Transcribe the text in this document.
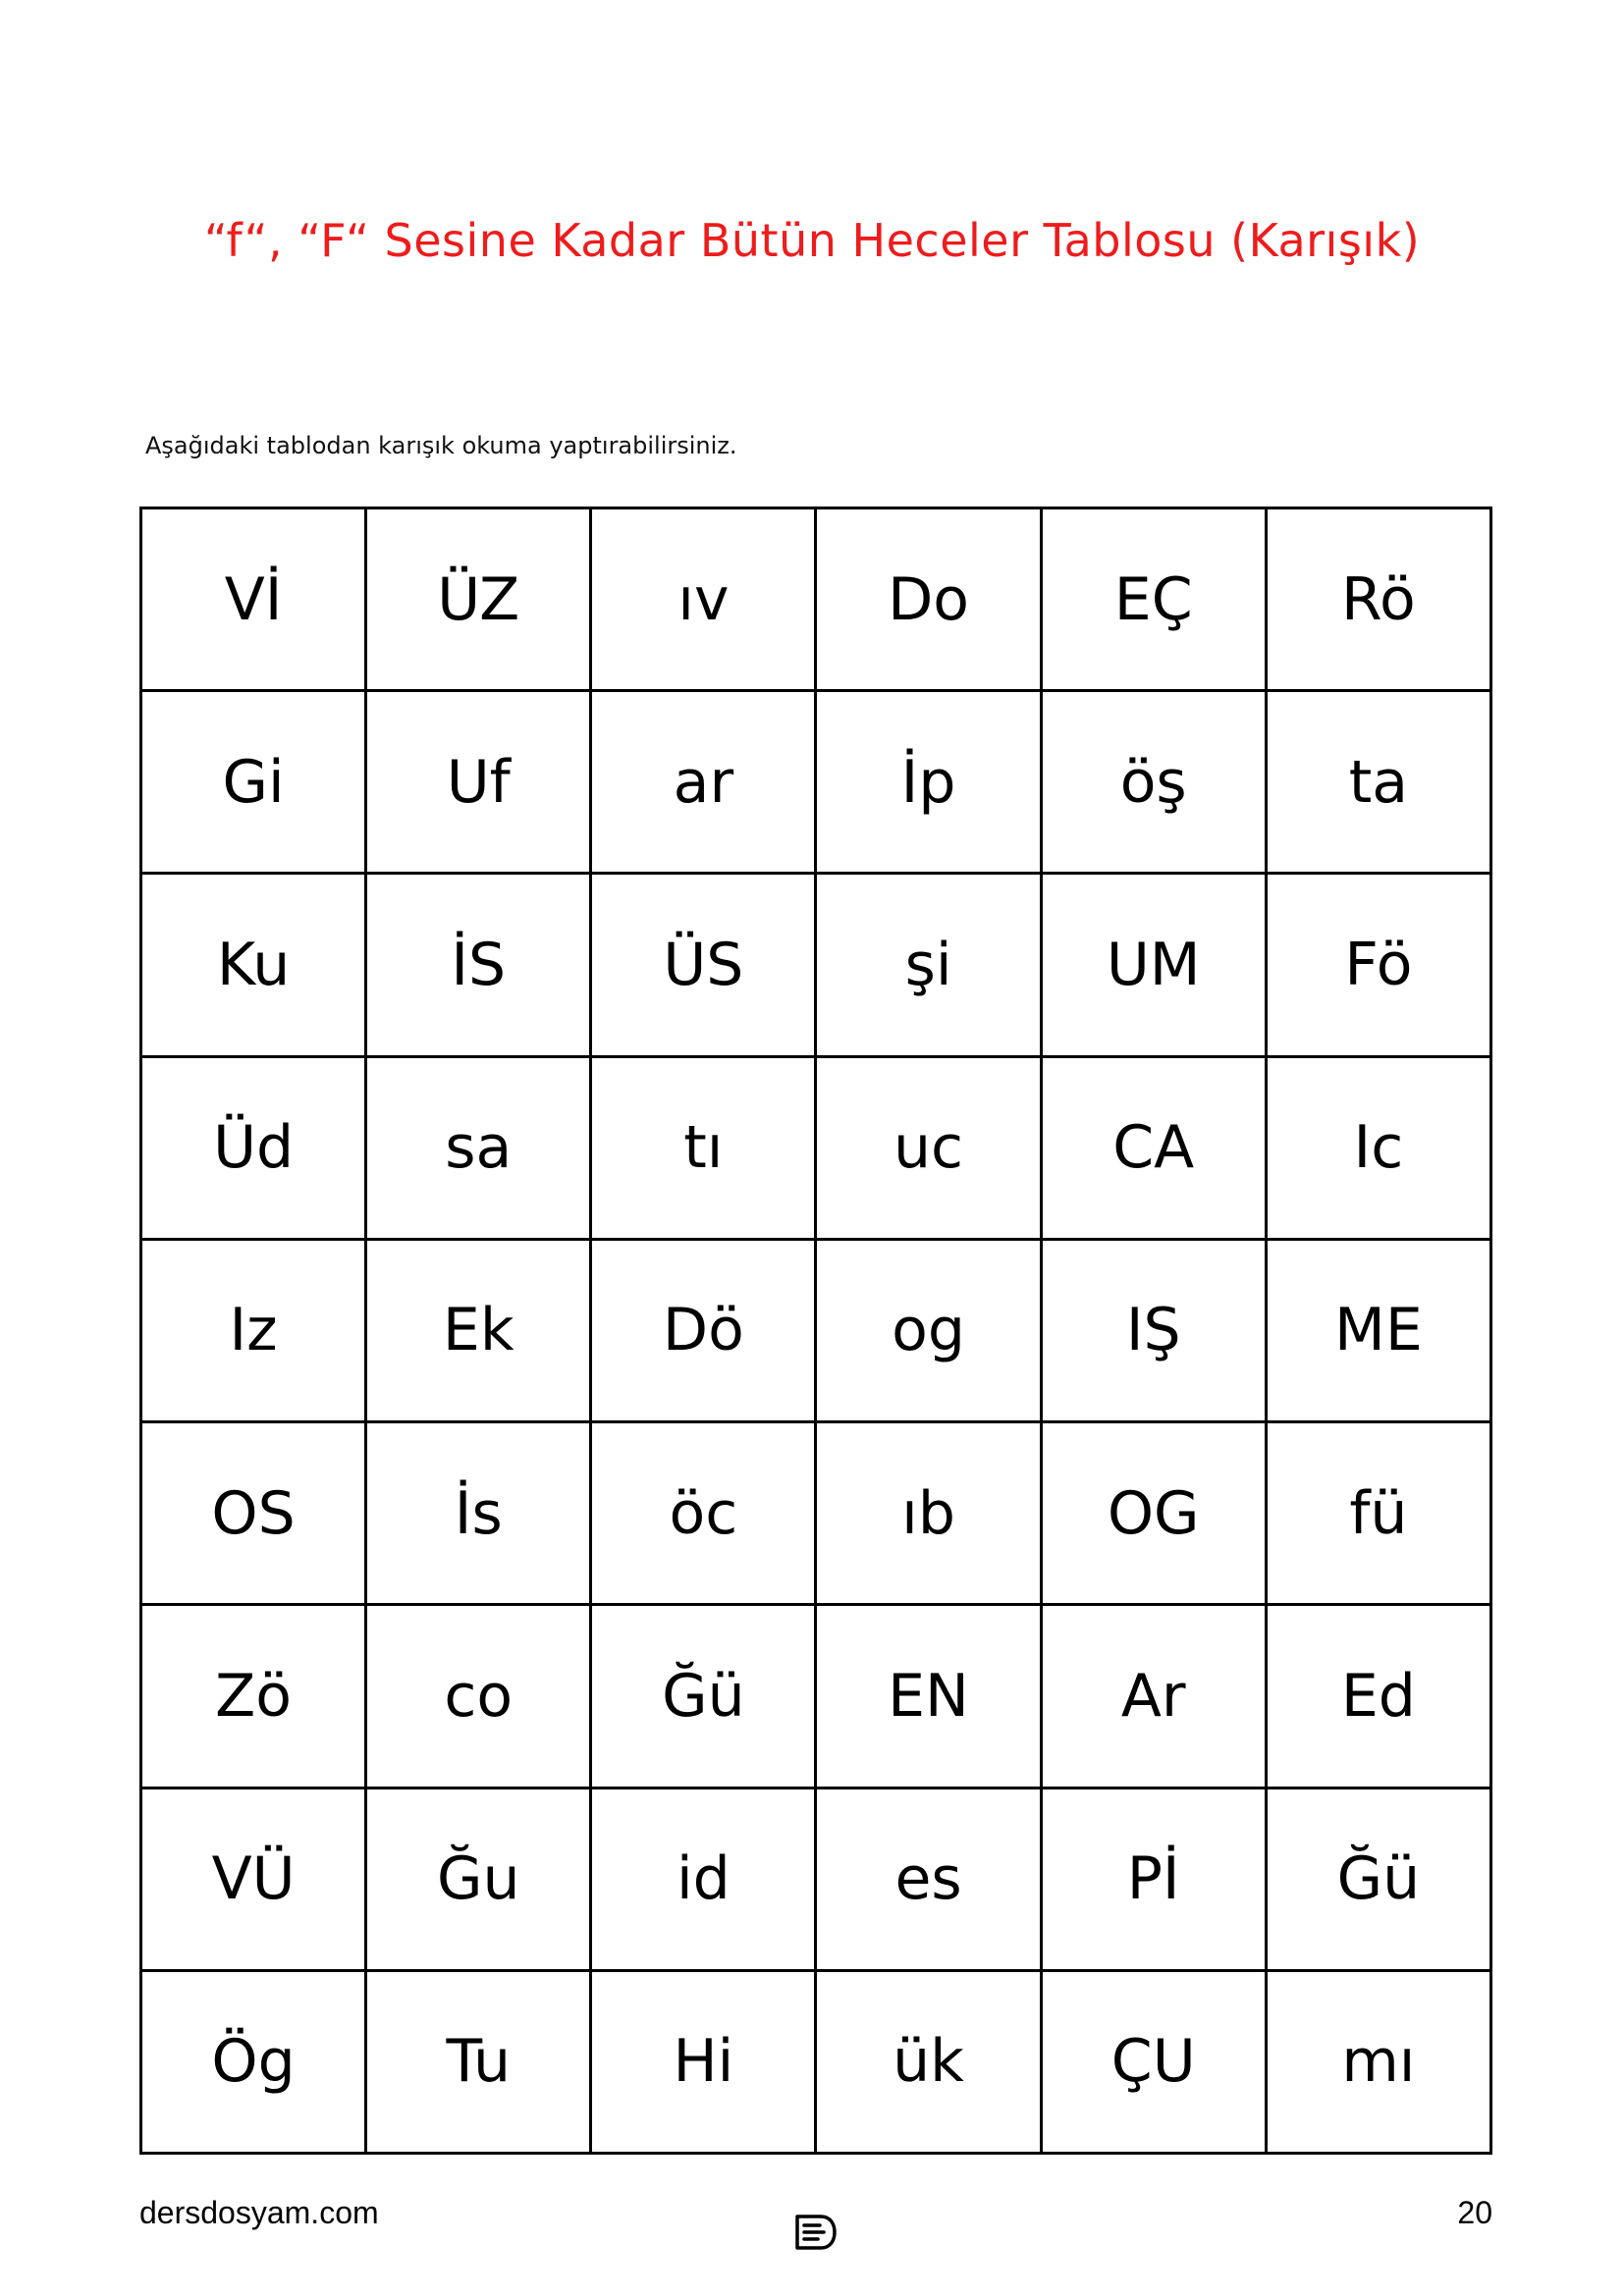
“f“, “F“ Sesine Kadar Bütün Heceler Tablosu (Karışık)
Aşağıdaki tablodan karışık okuma yaptırabilirsiniz.
Vİ	ÜZ	ıv	Do	EÇ	Rö
Gi	Uf	ar	İp	öş	ta
Ku	İS	ÜS	şi	UM	Fö
Üd	sa	tı	uc	CA	Ic
Iz	Ek	Dö	og	IŞ	ME
OS	İs	öc	ıb	OG	fü
Zö	co	Ğü	EN	Ar	Ed
VÜ	Ğu	id	es	Pİ	Ğü
Ög	Tu	Hi	ük	ÇU	mı
dersdosyam.com	20
